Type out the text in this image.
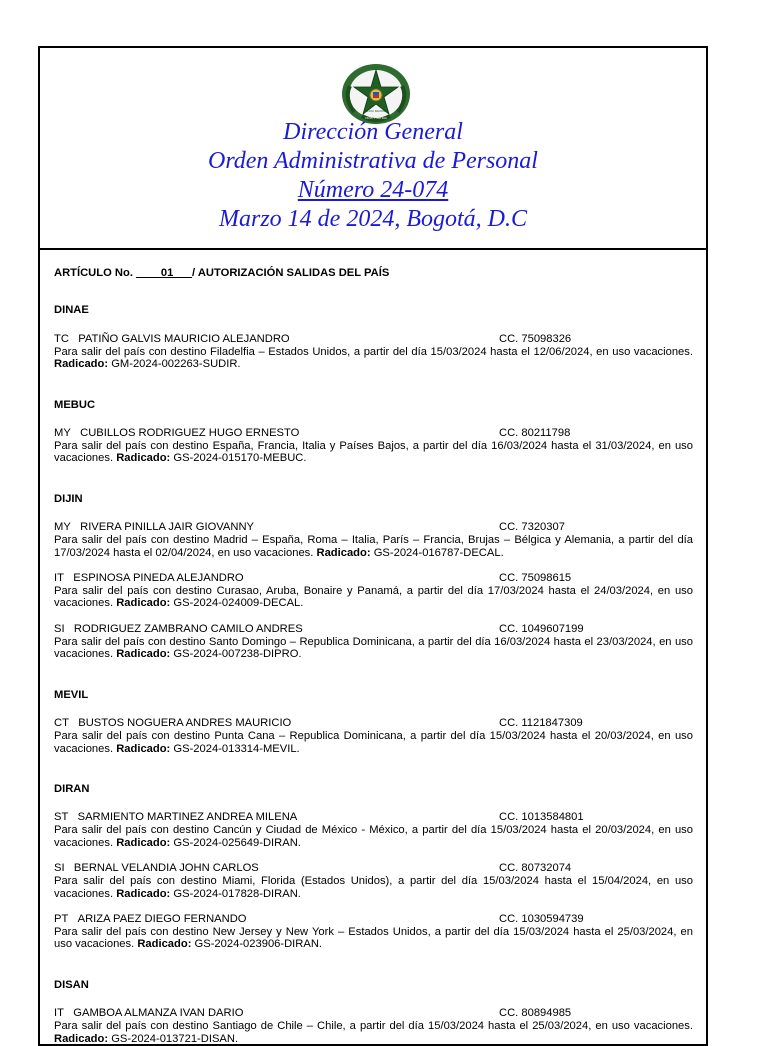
DIOS Y PATRIA
POLICIA NACIONAL
Dirección General
Orden Administrativa de Personal
Número 24-074
Marzo 14 de 2024, Bogotá, D.C
ARTÍCULO No. ____01___/ AUTORIZACIÓN SALIDAS DEL PAÍS
DINAE
TC PATIÑO GALVIS MAURICIO ALEJANDRO	CC. 75098326
Para salir del país con destino Filadelfia – Estados Unidos, a partir del día 15/03/2024 hasta el 12/06/2024, en uso vacaciones. Radicado: GM-2024-002263-SUDIR.
MEBUC
MY CUBILLOS RODRIGUEZ HUGO ERNESTO	CC. 80211798
Para salir del país con destino España, Francia, Italia y Países Bajos, a partir del día 16/03/2024 hasta el 31/03/2024, en uso vacaciones. Radicado: GS-2024-015170-MEBUC.
DIJIN
MY RIVERA PINILLA JAIR GIOVANNY	CC. 7320307
Para salir del país con destino Madrid – España, Roma – Italia, París – Francia, Brujas – Bélgica y Alemania, a partir del día 17/03/2024 hasta el 02/04/2024, en uso vacaciones. Radicado: GS-2024-016787-DECAL.
IT ESPINOSA PINEDA ALEJANDRO	CC. 75098615
Para salir del país con destino Curasao, Aruba, Bonaire y Panamá, a partir del día 17/03/2024 hasta el 24/03/2024, en uso vacaciones. Radicado: GS-2024-024009-DECAL.
SI RODRIGUEZ ZAMBRANO CAMILO ANDRES	CC. 1049607199
Para salir del país con destino Santo Domingo – Republica Dominicana, a partir del día 16/03/2024 hasta el 23/03/2024, en uso vacaciones. Radicado: GS-2024-007238-DIPRO.
MEVIL
CT BUSTOS NOGUERA ANDRES MAURICIO	CC. 1121847309
Para salir del país con destino Punta Cana – Republica Dominicana, a partir del día 15/03/2024 hasta el 20/03/2024, en uso vacaciones. Radicado: GS-2024-013314-MEVIL.
DIRAN
ST SARMIENTO MARTINEZ ANDREA MILENA	CC. 1013584801
Para salir del país con destino Cancún y Ciudad de México - México, a partir del día 15/03/2024 hasta el 20/03/2024, en uso vacaciones. Radicado: GS-2024-025649-DIRAN.
SI BERNAL VELANDIA JOHN CARLOS	CC. 80732074
Para salir del país con destino Miami, Florida (Estados Unidos), a partir del día 15/03/2024 hasta el 15/04/2024, en uso vacaciones. Radicado: GS-2024-017828-DIRAN.
PT ARIZA PAEZ DIEGO FERNANDO	CC. 1030594739
Para salir del país con destino New Jersey y New York – Estados Unidos, a partir del día 15/03/2024 hasta el 25/03/2024, en uso vacaciones. Radicado: GS-2024-023906-DIRAN.
DISAN
IT GAMBOA ALMANZA IVAN DARIO	CC. 80894985
Para salir del país con destino Santiago de Chile – Chile, a partir del día 15/03/2024 hasta el 25/03/2024, en uso vacaciones. Radicado: GS-2024-013721-DISAN.
